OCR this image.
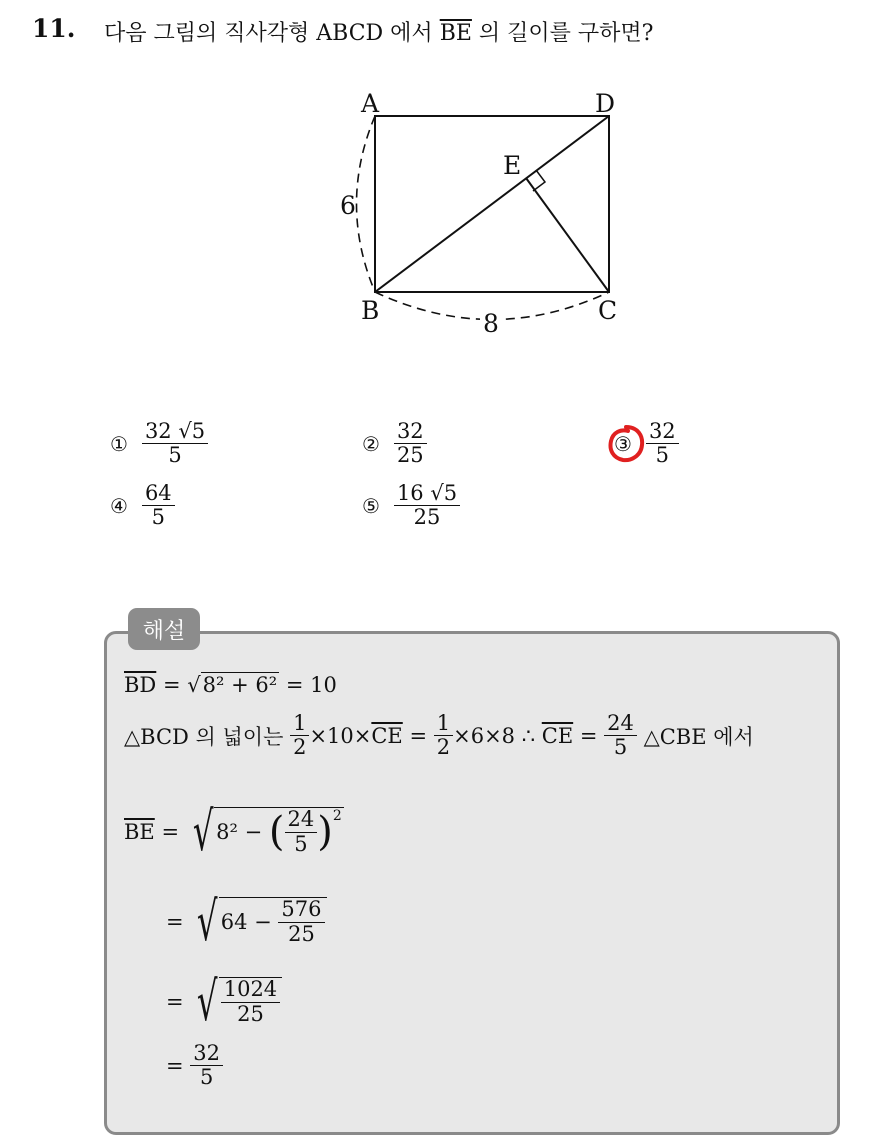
11. 다음 그림의 직사각형 ABCD 에서 $\overline{BE}$ 의 길이를 구하면?
A	D
E
B	C
6
8
① $\frac{32 √5}{5}$	② $\frac{32}{25}$	③ $\frac{32}{5}$
④ $\frac{64}{5}$	⑤ $\frac{16 √5}{25}$
해설
$\overline{BD}$
=
√ 8² + 6²
= 10
△BCD 의 넓이는
$\frac{1}{2} \times 10\times \overline{CE}$
=
$\frac{1}{2} \times 6\times 8$ ∴
$\overline{CE}$
=
$\frac{24}{5}$
△CBE 에서
$\overline{BE}$
=
√ 8² −
( $\frac{24}{5} )^2$
=
√ 64 −
$\frac{576}{25}$
=
√ $\frac{1024}{25}$
=
$\frac{32}{5}$
